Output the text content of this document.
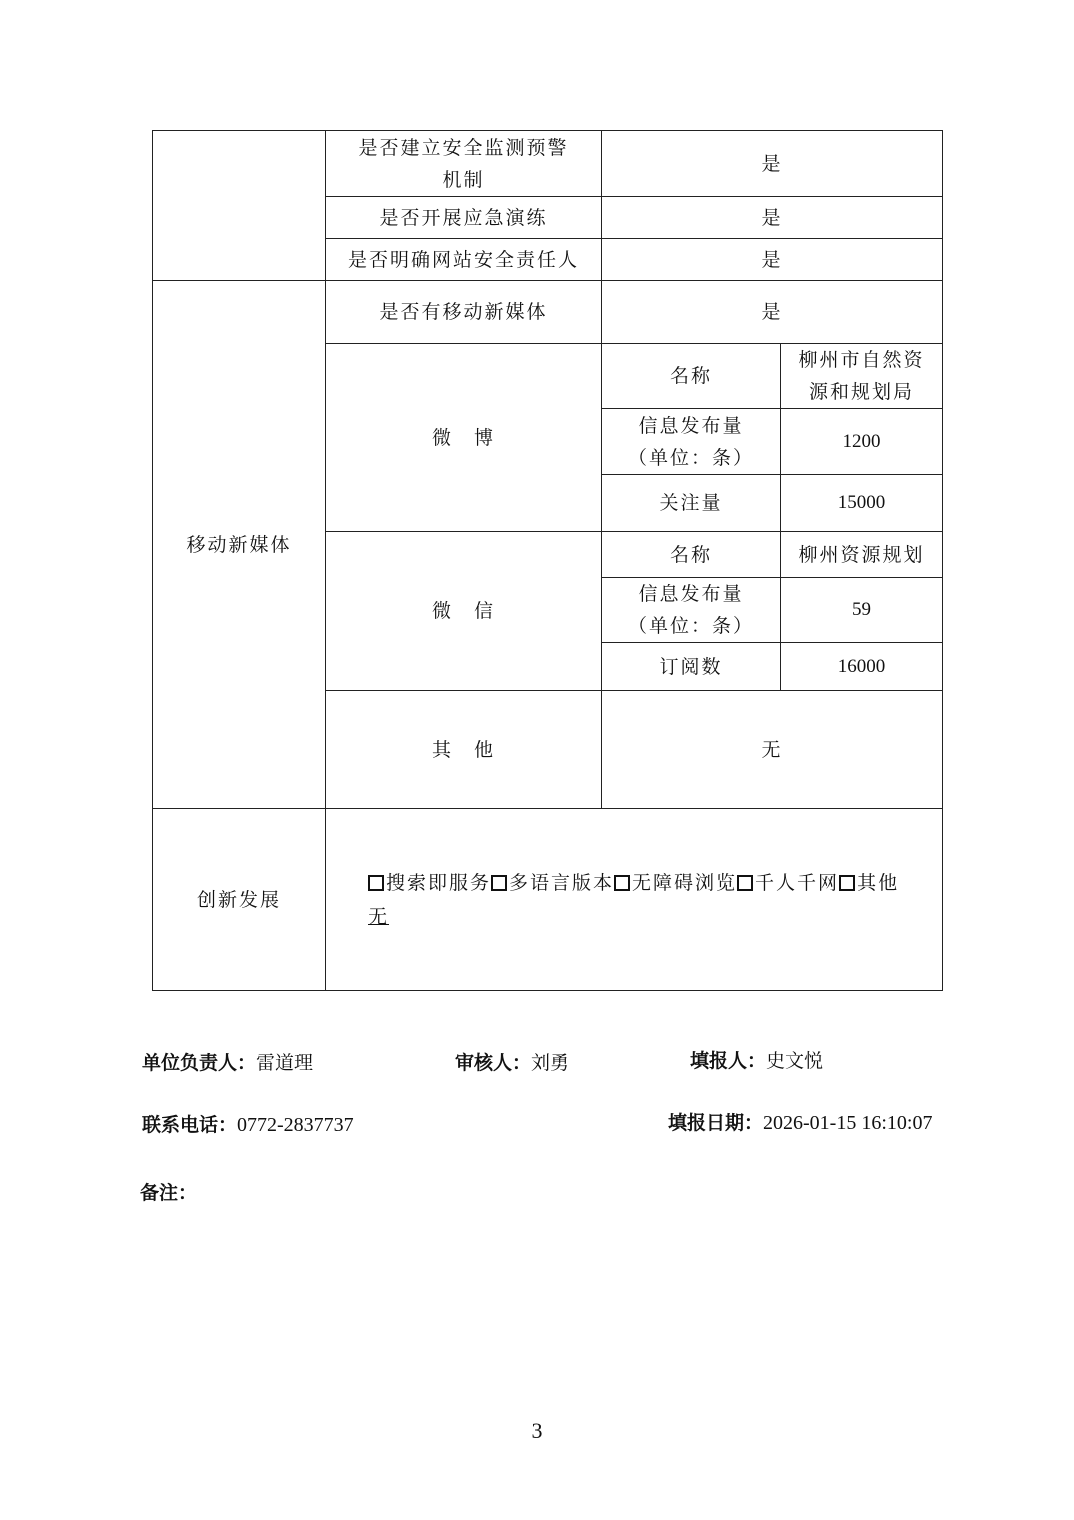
	是否建立安全监测预警机制	是	
	是否开展应急演练	是	
	是否明确网站安全责任人	是	
移动新媒体	是否有移动新媒体	是	
	微　博	名称	柳州市自然资源和规划局
		信息发布量（单位：条）	1200
		关注量	15000
	微　信	名称	柳州资源规划
		信息发布量（单位：条）	59
		订阅数	16000
	其　他	无	
创新发展	搜索即服务 多语言版本 无障碍浏览 千人千网 其他
无		
单位负责人：雷道理	审核人：刘勇	填报人：史文悦
联系电话：0772-2837737	填报日期：2026-01-15 16:10:07
备注：
3
